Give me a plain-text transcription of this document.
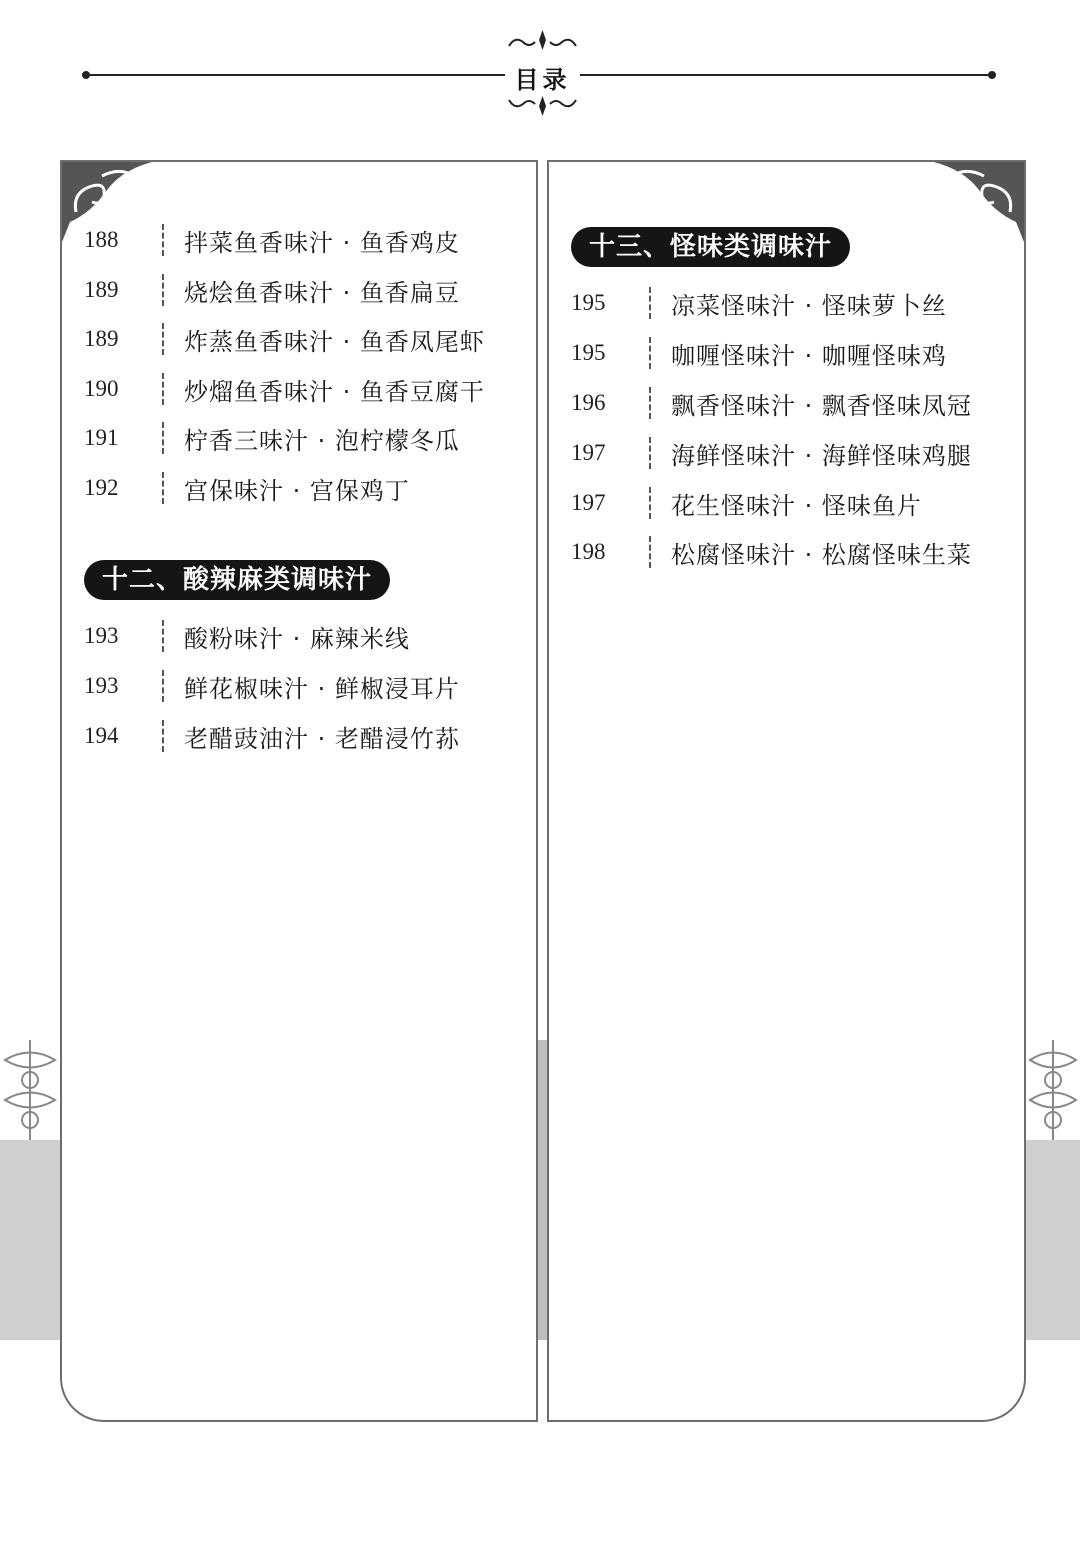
目录
188	拌菜鱼香味汁 · 鱼香鸡皮
189	烧烩鱼香味汁 · 鱼香扁豆
189	炸蒸鱼香味汁 · 鱼香凤尾虾
190	炒熘鱼香味汁 · 鱼香豆腐干
191	柠香三味汁 · 泡柠檬冬瓜
192	宫保味汁 · 宫保鸡丁
十二、酸辣麻类调味汁
193	酸粉味汁 · 麻辣米线
193	鲜花椒味汁 · 鲜椒浸耳片
194	老醋豉油汁 · 老醋浸竹荪
十三、怪味类调味汁
195	凉菜怪味汁 · 怪味萝卜丝
195	咖喱怪味汁 · 咖喱怪味鸡
196	飘香怪味汁 · 飘香怪味凤冠
197	海鲜怪味汁 · 海鲜怪味鸡腿
197	花生怪味汁 · 怪味鱼片
198	松腐怪味汁 · 松腐怪味生菜
